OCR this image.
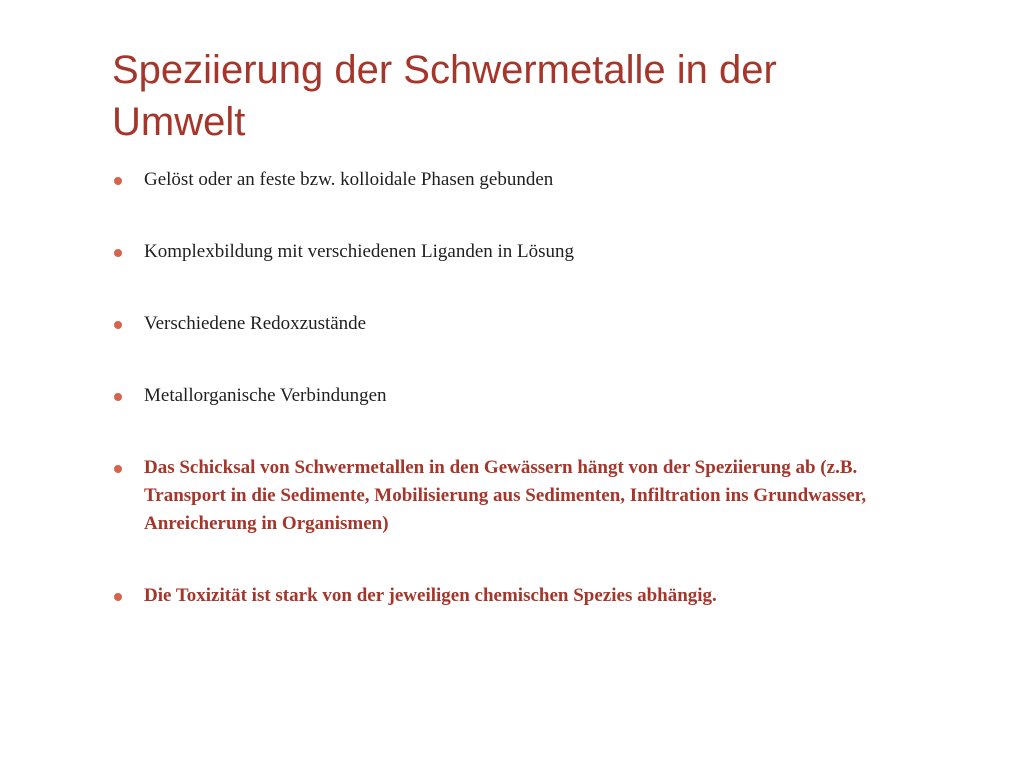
Speziierung der Schwermetalle in der Umwelt
Gelöst oder an feste bzw. kolloidale Phasen gebunden
Komplexbildung mit verschiedenen Liganden in Lösung
Verschiedene Redoxzustände
Metallorganische Verbindungen
Das Schicksal von Schwermetallen in den Gewässern hängt von der Speziierung ab (z.B. Transport in die Sedimente, Mobilisierung aus Sedimenten, Infiltration ins Grundwasser, Anreicherung in Organismen)
Die Toxizität ist stark von der jeweiligen chemischen Spezies abhängig.
